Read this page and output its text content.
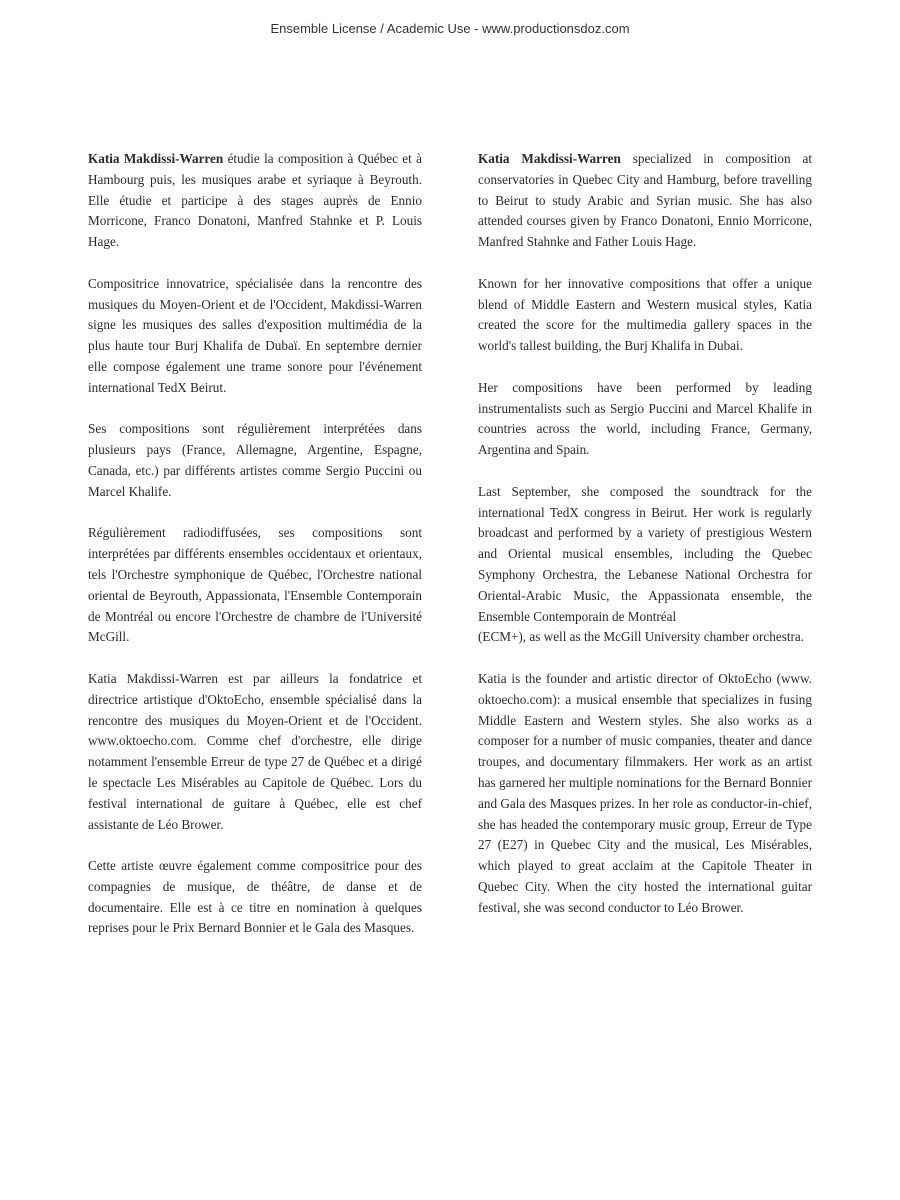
Ensemble License / Academic Use - www.productionsdoz.com

Katia Makdissi-Warren étudie la composition à Québec et à Hambourg puis, les musiques arabe et syriaque à Beyrouth. Elle étudie et participe à des stages auprès de Ennio Morricone, Franco Donatoni, Manfred Stahnke et P. Louis Hage.

Compositrice innovatrice, spécialisée dans la rencontre des musiques du Moyen-Orient et de l'Occident, Makdissi-Warren signe les musiques des salles d'exposition multimédia de la plus haute tour Burj Khalifa de Dubaï. En septembre dernier elle compose également une trame sonore pour l'événement international TedX Beirut.

Ses compositions sont régulièrement interprétées dans plusieurs pays (France, Allemagne, Argentine, Espagne, Canada, etc.) par différents artistes comme Sergio Puccini ou Marcel Khalife.

Régulièrement radiodiffusées, ses compositions sont interprétées par différents ensembles occidentaux et orientaux, tels l'Orchestre symphonique de Québec, l'Orchestre national oriental de Beyrouth, Appassionata, l'Ensemble Contemporain de Montréal ou encore l'Orchestre de chambre de l'Université McGill.

Katia Makdissi-Warren est par ailleurs la fondatrice et directrice artistique d'OktoEcho, ensemble spécialisé dans la rencontre des musiques du Moyen-Orient et de l'Occident. www.oktoecho.com. Comme chef d'orchestre, elle dirige notamment l'ensemble Erreur de type 27 de Québec et a dirigé le spectacle Les Misérables au Capitole de Québec. Lors du festival international de guitare à Québec, elle est chef assistante de Léo Brower.

Cette artiste œuvre également comme compositrice pour des compagnies de musique, de théâtre, de danse et de documentaire. Elle est à ce titre en nomination à quelques reprises pour le Prix Bernard Bonnier et le Gala des Masques.

Katia Makdissi-Warren specialized in composition at conservatories in Quebec City and Hamburg, before travelling to Beirut to study Arabic and Syrian music. She has also attended courses given by Franco Donatoni, Ennio Morricone, Manfred Stahnke and Father Louis Hage.

Known for her innovative compositions that offer a unique blend of Middle Eastern and Western musical styles, Katia created the score for the multimedia gallery spaces in the world's tallest building, the Burj Khalifa in Dubai.

Her compositions have been performed by leading instrumentalists such as Sergio Puccini and Marcel Khalife in countries across the world, including France, Germany, Argentina and Spain.

Last September, she composed the soundtrack for the international TedX congress in Beirut. Her work is regularly broadcast and performed by a variety of prestigious Western and Oriental musical ensembles, including the Quebec Symphony Orchestra, the Lebanese National Orchestra for Oriental-Arabic Music, the Appassionata ensemble, the Ensemble Contemporain de Montréal

(ECM+), as well as the McGill University chamber orchestra.

Katia is the founder and artistic director of OktoEcho (www. oktoecho.com): a musical ensemble that specializes in fusing Middle Eastern and Western styles. She also works as a composer for a number of music companies, theater and dance troupes, and documentary filmmakers. Her work as an artist has garnered her multiple nominations for the Bernard Bonnier and Gala des Masques prizes. In her role as conductor-in-chief, she has headed the contemporary music group, Erreur de Type 27 (E27) in Quebec City and the musical, Les Misérables, which played to great acclaim at the Capitole Theater in Quebec City. When the city hosted the international guitar festival, she was second conductor to Léo Brower.
